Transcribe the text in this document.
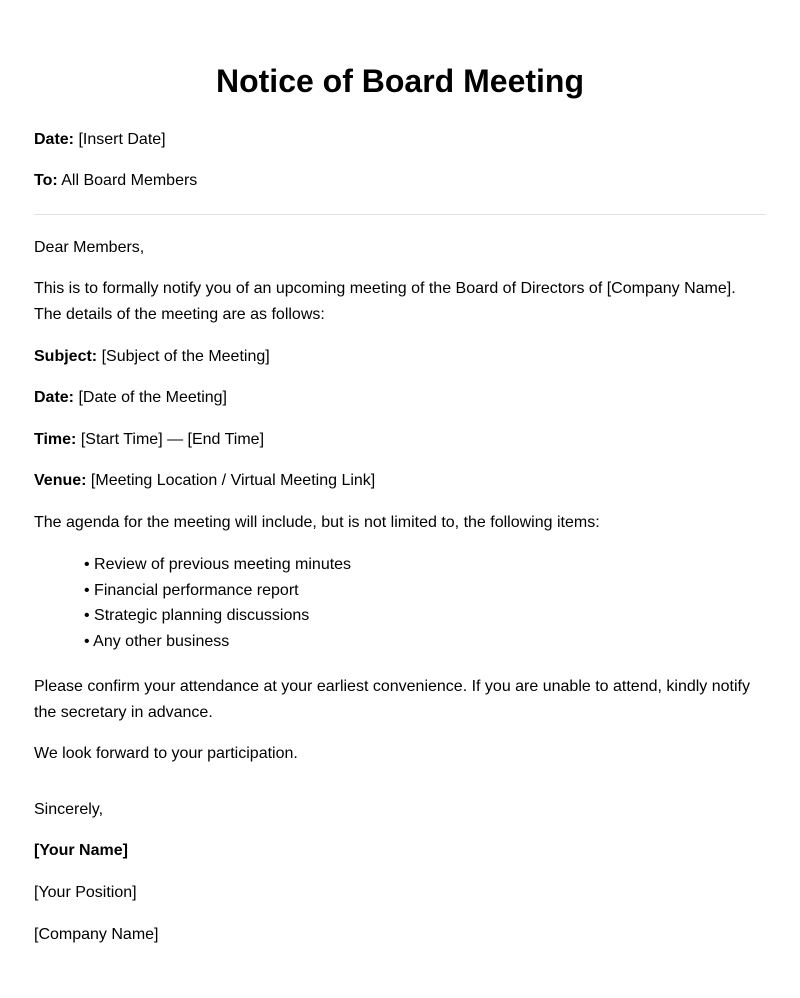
Notice of Board Meeting

Date: [Insert Date]

To: All Board Members

Dear Members,

This is to formally notify you of an upcoming meeting of the Board of Directors of [Company Name]. The details of the meeting are as follows:

Subject: [Subject of the Meeting]

Date: [Date of the Meeting]

Time: [Start Time] — [End Time]

Venue: [Meeting Location / Virtual Meeting Link]

The agenda for the meeting will include, but is not limited to, the following items:

• Review of previous meeting minutes
• Financial performance report
• Strategic planning discussions
• Any other business

Please confirm your attendance at your earliest convenience. If you are unable to attend, kindly notify the secretary in advance.

We look forward to your participation.

Sincerely,

[Your Name]

[Your Position]

[Company Name]
